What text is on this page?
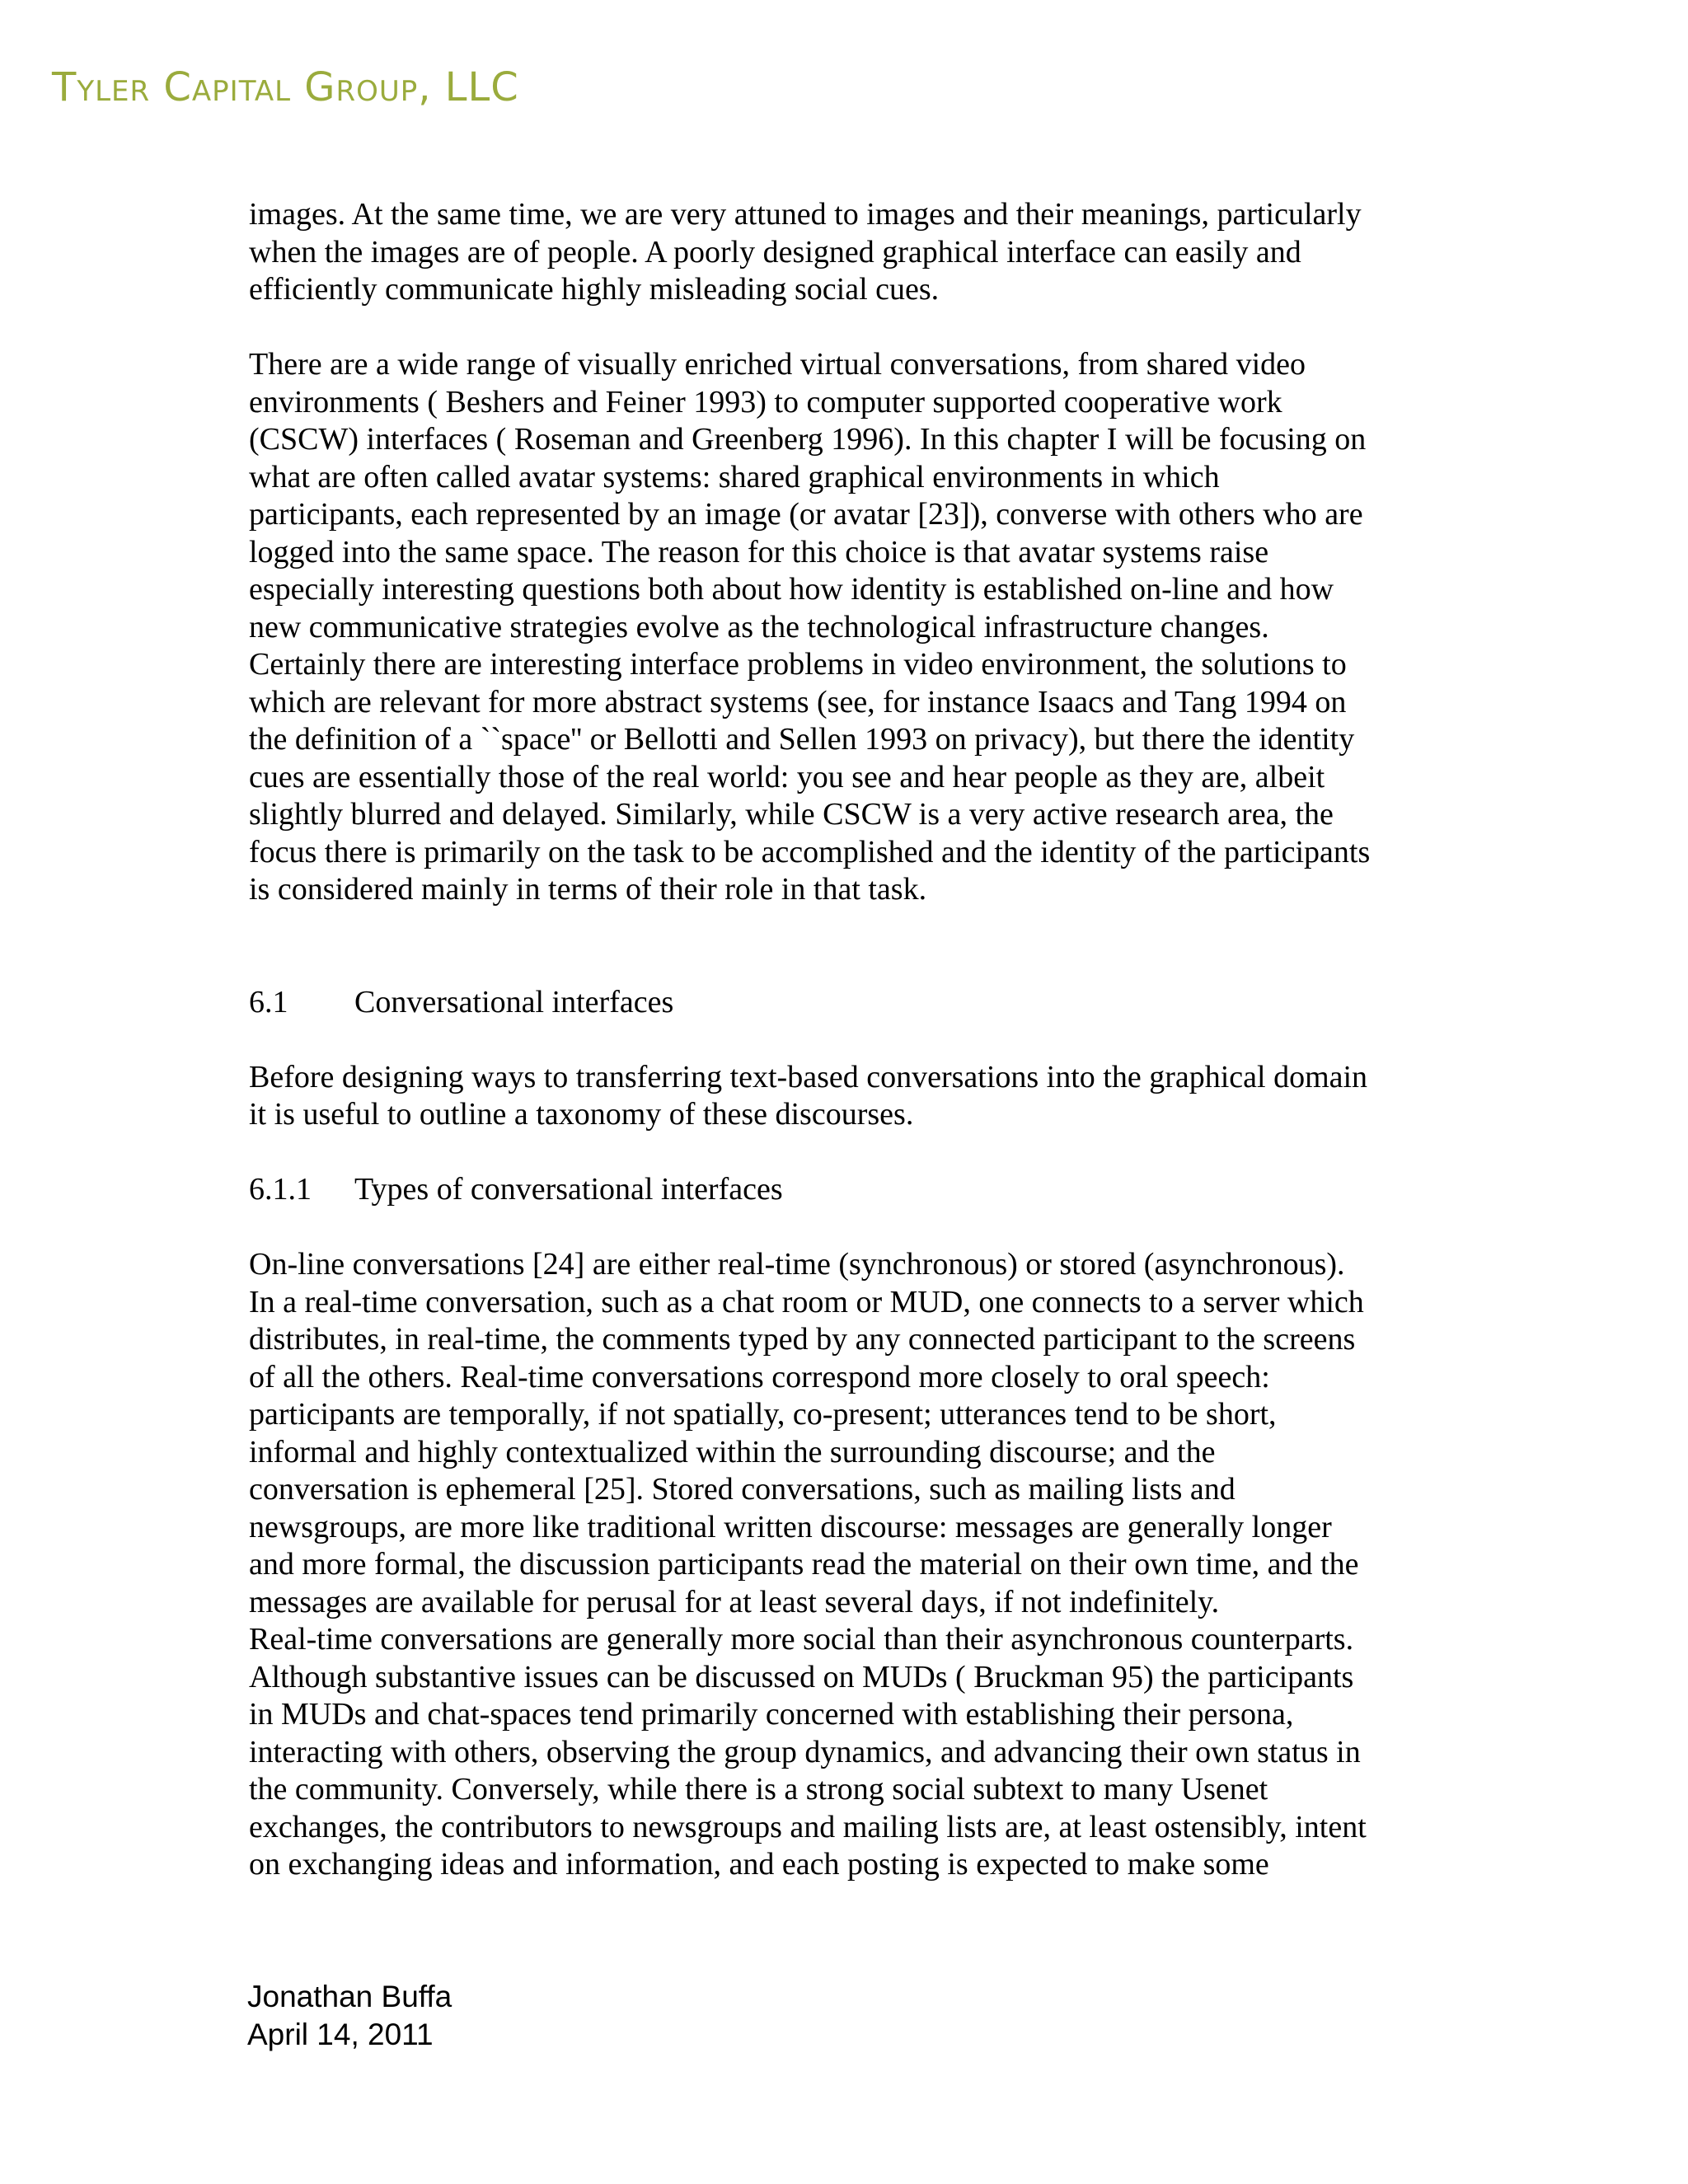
Tyler Capital Group, LLC

images. At the same time, we are very attuned to images and their meanings, particularly
when the images are of people. A poorly designed graphical interface can easily and
efficiently communicate highly misleading social cues.

There are a wide range of visually enriched virtual conversations, from shared video
environments ( Beshers and Feiner 1993) to computer supported cooperative work
(CSCW) interfaces ( Roseman and Greenberg 1996). In this chapter I will be focusing on
what are often called avatar systems: shared graphical environments in which
participants, each represented by an image (or avatar [23]), converse with others who are
logged into the same space. The reason for this choice is that avatar systems raise
especially interesting questions both about how identity is established on-line and how
new communicative strategies evolve as the technological infrastructure changes.
Certainly there are interesting interface problems in video environment, the solutions to
which are relevant for more abstract systems (see, for instance Isaacs and Tang 1994 on
the definition of a ``space'' or Bellotti and Sellen 1993 on privacy), but there the identity
cues are essentially those of the real world: you see and hear people as they are, albeit
slightly blurred and delayed. Similarly, while CSCW is a very active research area, the
focus there is primarily on the task to be accomplished and the identity of the participants
is considered mainly in terms of their role in that task.

6.1	Conversational interfaces

Before designing ways to transferring text-based conversations into the graphical domain
it is useful to outline a taxonomy of these discourses.

6.1.1	Types of conversational interfaces

On-line conversations [24] are either real-time (synchronous) or stored (asynchronous).
In a real-time conversation, such as a chat room or MUD, one connects to a server which
distributes, in real-time, the comments typed by any connected participant to the screens
of all the others. Real-time conversations correspond more closely to oral speech:
participants are temporally, if not spatially, co-present; utterances tend to be short,
informal and highly contextualized within the surrounding discourse; and the
conversation is ephemeral [25]. Stored conversations, such as mailing lists and
newsgroups, are more like traditional written discourse: messages are generally longer
and more formal, the discussion participants read the material on their own time, and the
messages are available for perusal for at least several days, if not indefinitely.
Real-time conversations are generally more social than their asynchronous counterparts.
Although substantive issues can be discussed on MUDs ( Bruckman 95) the participants
in MUDs and chat-spaces tend primarily concerned with establishing their persona,
interacting with others, observing the group dynamics, and advancing their own status in
the community. Conversely, while there is a strong social subtext to many Usenet
exchanges, the contributors to newsgroups and mailing lists are, at least ostensibly, intent
on exchanging ideas and information, and each posting is expected to make some

Jonathan Buffa
April 14, 2011
